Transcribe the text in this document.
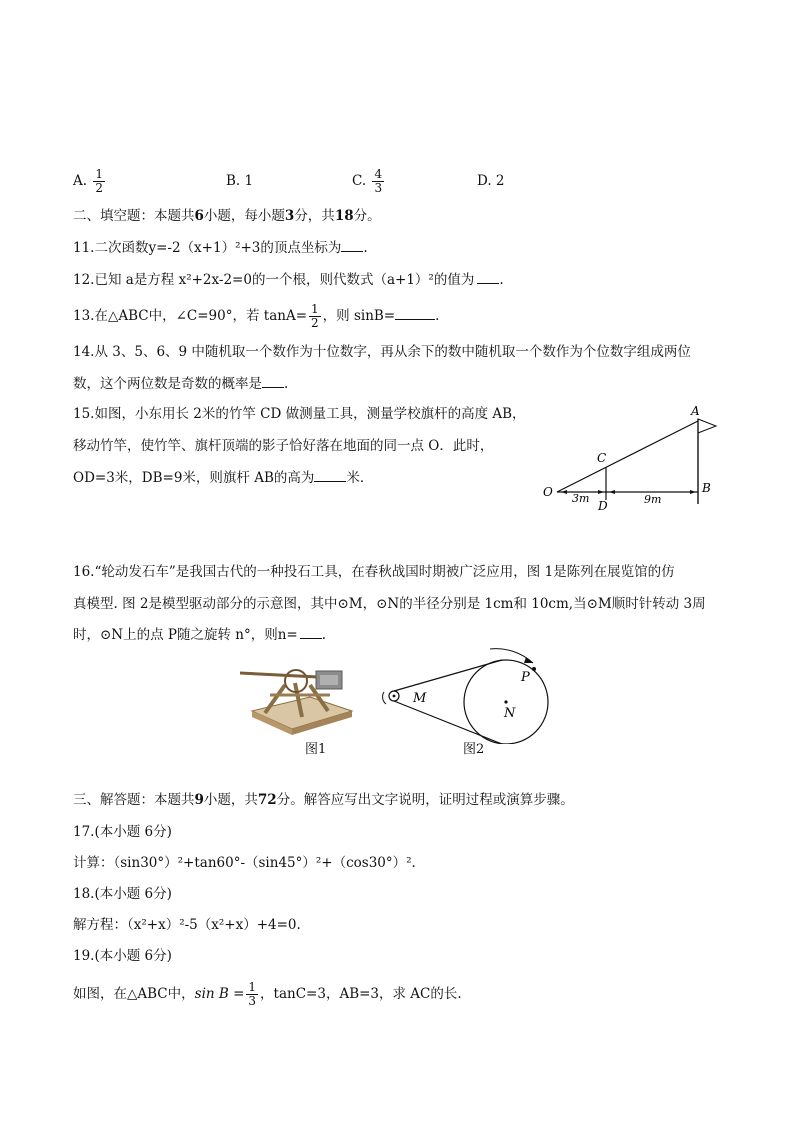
A. $\frac{1}{2}$	B. 1	C. $\frac{4}{3}$	D. 2
二、填空题：本题共6小题，每小题3分，共18分。
11.二次函数y=-2（x+1）²+3的顶点坐标为 .
12.已知 a是方程 x²+2x-2=0的一个根，则代数式（a+1）²的值为 .
13.在△ABC中，∠C=90°，若 $\tan A= \frac{1}{2}$ ，则 sinB=	.
14.从 3、5、6、9 中随机取一个数作为十位数字，再从余下的数中随机取一个数作为个位数字组成两位
数，这个两位数是奇数的概率是 .
15.如图，小东用长 2米的竹竿 CD 做测量工具，测量学校旗杆的高度 AB，
移动竹竿，使竹竿、旗杆顶端的影子恰好落在地面的同一点 O．此时，
OD=3米，DB=9米，则旗杆 AB的高为 米．
A
B
C
D
O 3m	9m
16.“轮动发石车”是我国古代的一种投石工具，在春秋战国时期被广泛应用，图 1是陈列在展览馆的仿
真模型. 图 2是模型驱动部分的示意图，其中⊙M，⊙N的半径分别是 1cm和 10cm,当⊙M顺时针转动 3周
时，⊙N上的点 P随之旋转 n°，则n= .
图1
M
N
P
图2
三、解答题：本题共9小题，共72分。解答应写出文字说明，证明过程或演算步骤。
17.(本小题 6分)
计算：（sin30°）²+tan60°-（sin45°）²+（cos30°）².
18.(本小题 6分)
解方程：（x²+x）²-5（x²+x）+4=0.
19.(本小题 6分)
如图，在△ABC中，$\sin B = \frac{1}{3}$ ，tanC=3，AB=3，求 AC的长.
